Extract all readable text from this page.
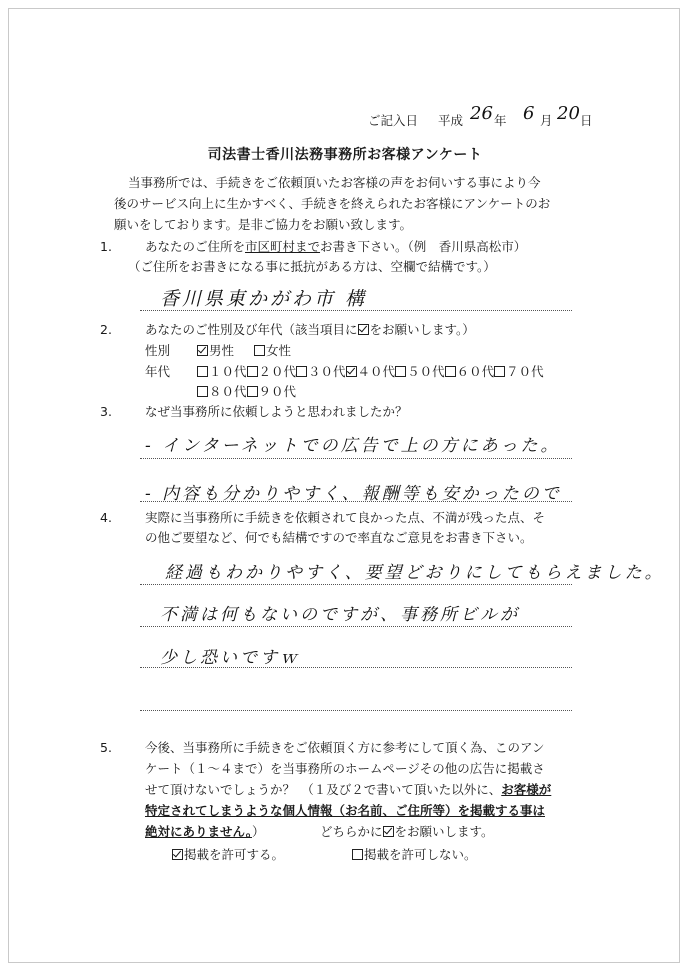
ご記入日 平成 26 年 6 月 20 日
司法書士香川法務事務所お客様アンケート
当事務所では、手続きをご依頼頂いたお客様の声をお伺いする事により今
後のサービス向上に生かすべく、手続きを終えられたお客様にアンケートのお
願いをしております。是非ご協力をお願い致します。
1.	あなたのご住所を市区町村までお書き下さい。（例　香川県高松市）
（ご住所をお書きになる事に抵抗がある方は、空欄で結構です。）
香川県東かがわ市 構
2.	あなたのご性別及び年代（該当項目に をお願いします。）
性別	男性	女性
年代	１０代 ２０代 ３０代 ４０代 ５０代 ６０代 ７０代
８０代 ９０代
3.	なぜ当事務所に依頼しようと思われましたか？
- インターネットでの広告で上の方にあった。
- 内容も分かりやすく、報酬等も安かったので
4.	実際に当事務所に手続きを依頼されて良かった点、不満が残った点、そ
の他ご要望など、何でも結構ですので率直なご意見をお書き下さい。
経過もわかりやすく、要望どおりにしてもらえました。
不満は何もないのですが、事務所ビルが
少し恐いですｗ
5.	今後、当事務所に手続きをご依頼頂く方に参考にして頂く為、このアン
ケート（１～４まで）を当事務所のホームページその他の広告に掲載さ
せて頂けないでしょうか？　（１及び２で書いて頂いた以外に、お客様が
特定されてしまうような個人情報（お名前、ご住所等）を掲載する事は
絶対にありません。）	どちらかに をお願いします。
掲載を許可する。	掲載を許可しない。
